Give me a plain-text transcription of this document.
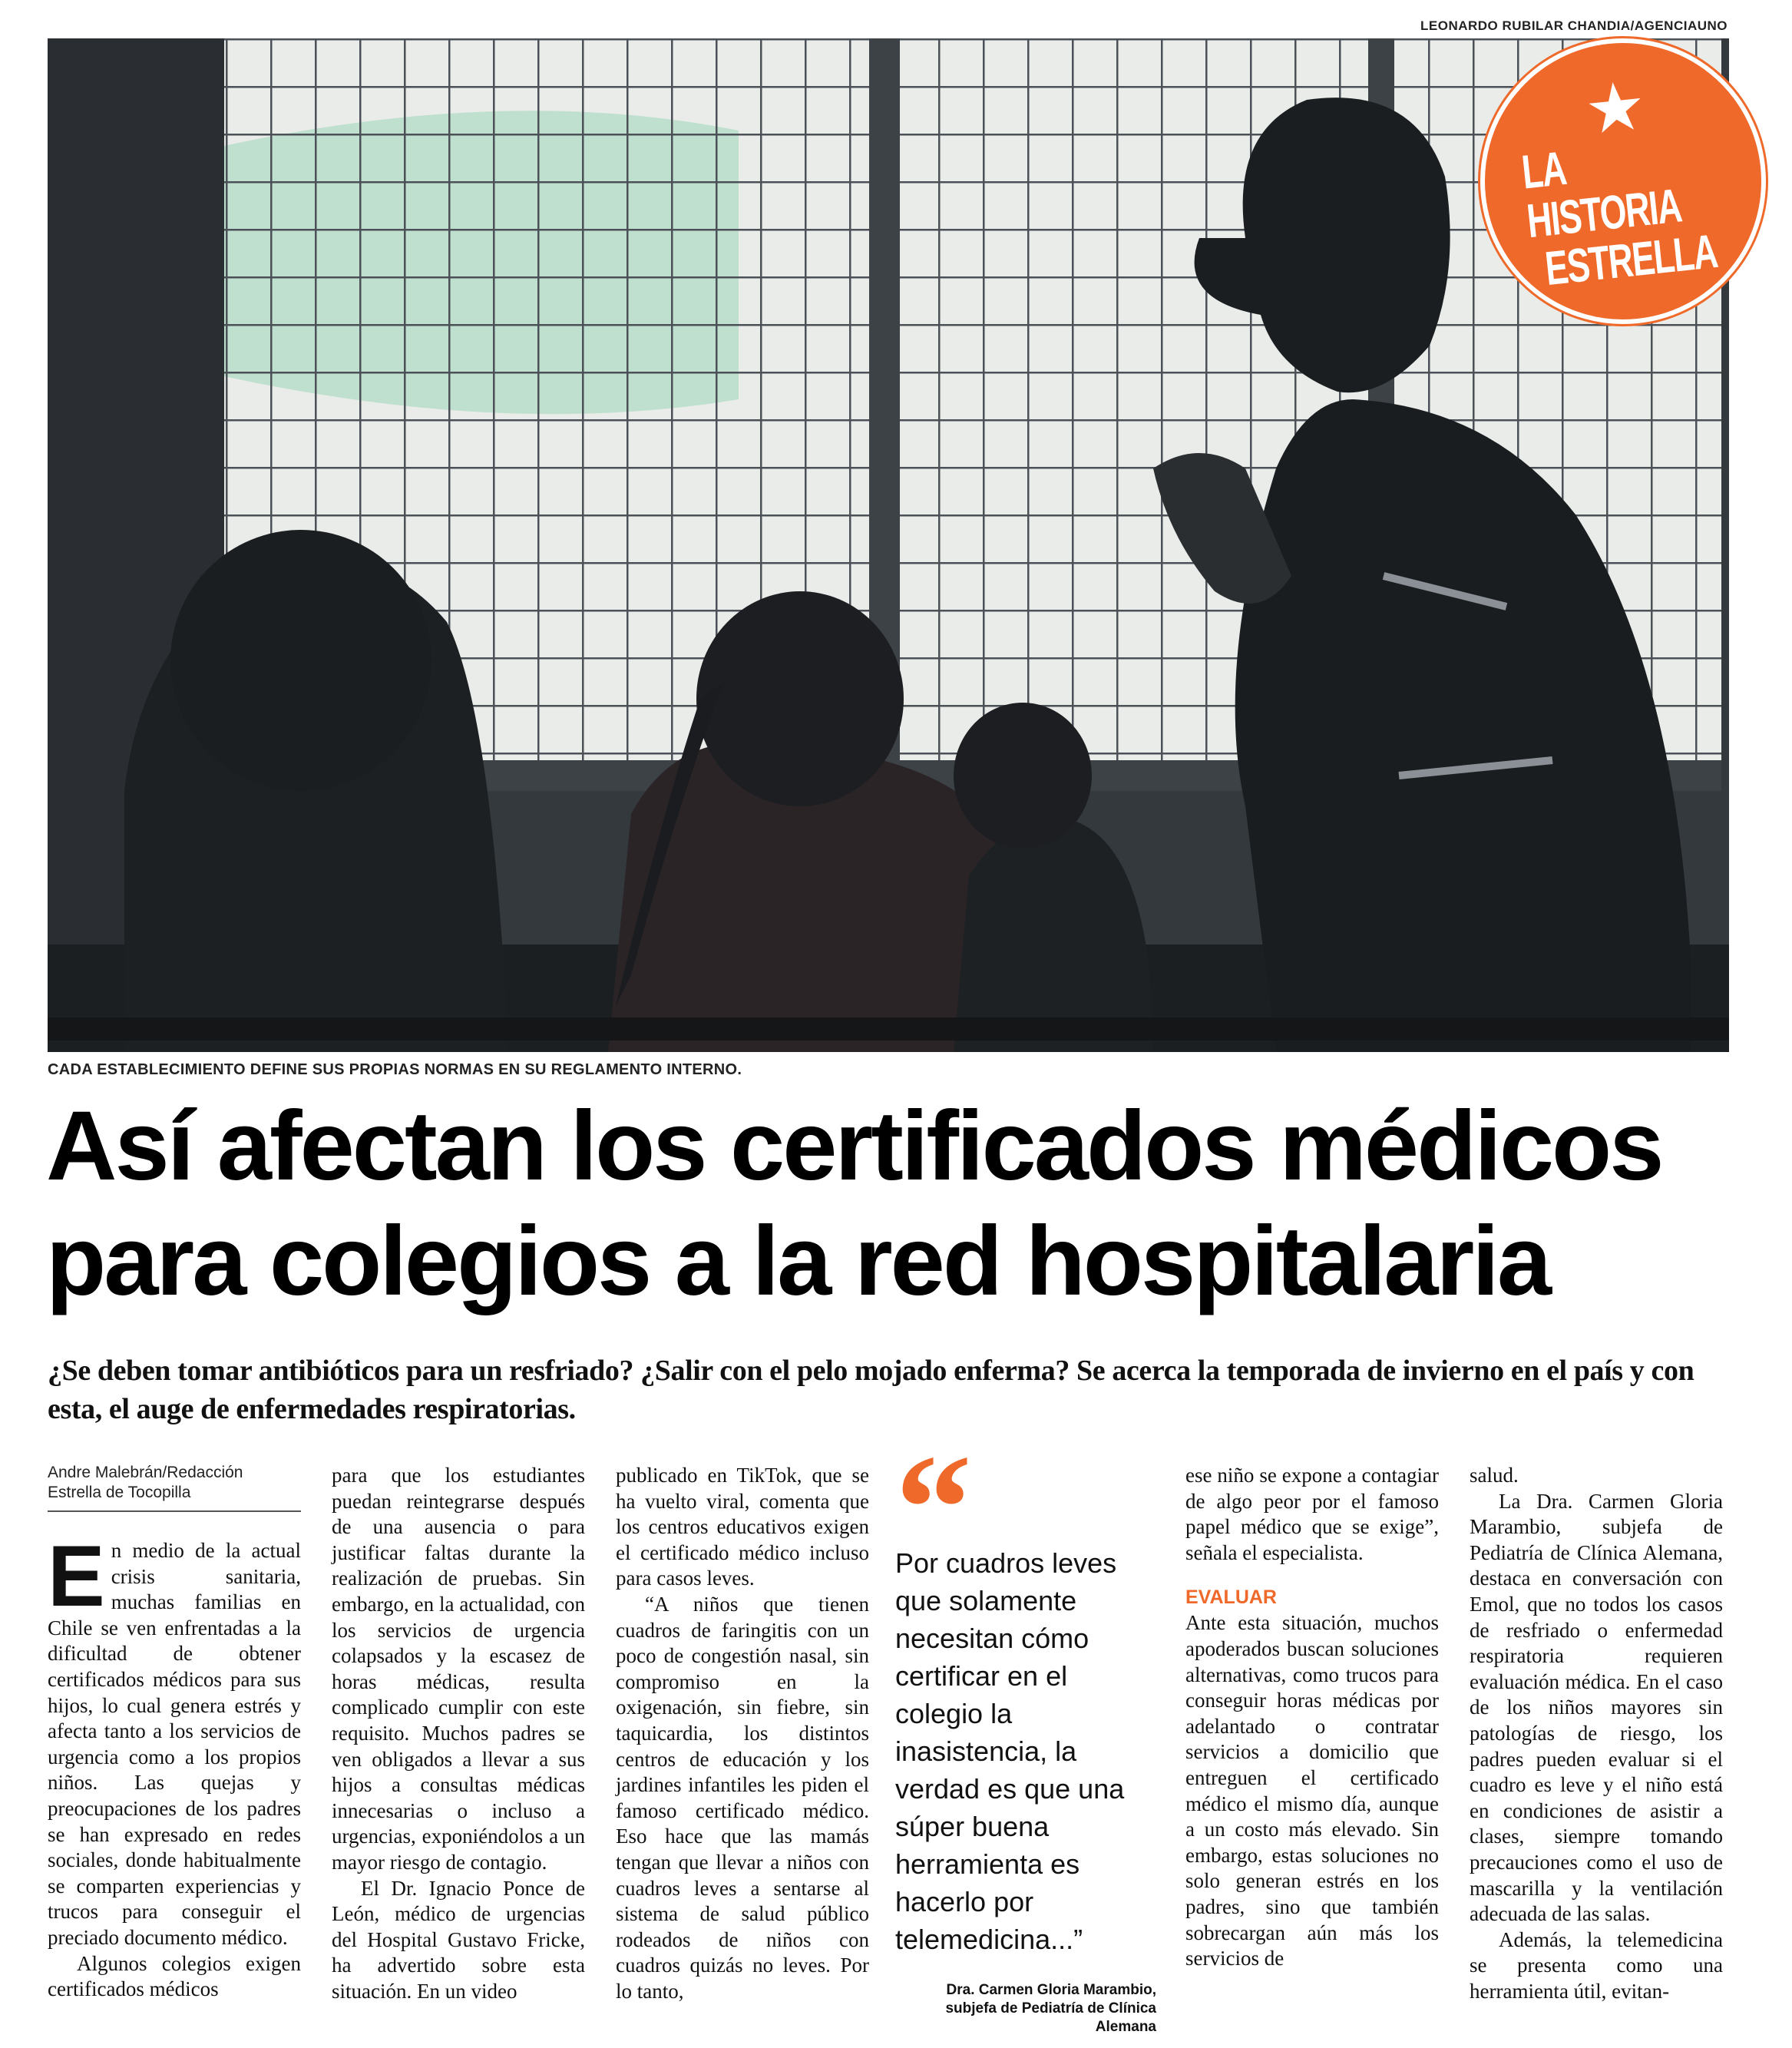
LEONARDO RUBILAR CHANDIA/AGENCIAUNO
★
LA HISTORIA
ESTRELLA
CADA ESTABLECIMIENTO DEFINE SUS PROPIAS NORMAS EN SU REGLAMENTO INTERNO.
Así afectan los certificados médicos
para colegios a la red hospitalaria
¿Se deben tomar antibióticos para un resfriado? ¿Salir con el pelo mojado enferma? Se acerca la temporada de invierno en el país y con esta, el auge de enfermedades respiratorias.
Andre Malebrán/Redacción
Estrella de Tocopilla

En medio de la actual crisis sanitaria, muchas familias en Chile se ven enfrentadas a la dificultad de obtener certificados médicos para sus hijos, lo cual genera estrés y afecta tanto a los servicios de urgencia como a los propios niños. Las quejas y preocupaciones de los padres se han expresado en redes sociales, donde habitualmente se comparten experiencias y trucos para conseguir el preciado documento médico.

Algunos colegios exigen certificados médicos

para que los estudiantes puedan reintegrarse después de una ausencia o para justificar faltas durante la realización de pruebas. Sin embargo, en la actualidad, con los servicios de urgencia colapsados y la escasez de horas médicas, resulta complicado cumplir con este requisito. Muchos padres se ven obligados a llevar a sus hijos a consultas médicas innecesarias o incluso a urgencias, exponiéndolos a un mayor riesgo de contagio.

El Dr. Ignacio Ponce de León, médico de urgencias del Hospital Gustavo Fricke, ha advertido sobre esta situación. En un video

publicado en TikTok, que se ha vuelto viral, comenta que los centros educativos exigen el certificado médico incluso para casos leves.

“A niños que tienen cuadros de faringitis con un poco de congestión nasal, sin compromiso en la oxigenación, sin fiebre, sin taquicardia, los distintos centros de educación y los jardines infantiles les piden el famoso certificado médico. Eso hace que las mamás tengan que llevar a niños con cuadros leves a sentarse al sistema de salud público rodeados de niños con cuadros quizás no leves. Por lo tanto,

“
Por cuadros leves que solamente necesitan cómo certificar en el colegio la inasistencia, la verdad es que una súper buena herramienta es hacerlo por telemedicina...”
Dra. Carmen Gloria Marambio, subjefa de Pediatría de Clínica Alemana

ese niño se expone a contagiar de algo peor por el famoso papel médico que se exige”, señala el especialista.

EVALUAR

Ante esta situación, muchos apoderados buscan soluciones alternativas, como trucos para conseguir horas médicas por adelantado o contratar servicios a domicilio que entreguen el certificado médico el mismo día, aunque a un costo más elevado. Sin embargo, estas soluciones no solo generan estrés en los padres, sino que también sobrecargan aún más los servicios de

salud.

La Dra. Carmen Gloria Marambio, subjefa de Pediatría de Clínica Alemana, destaca en conversación con Emol, que no todos los casos de resfriado o enfermedad respiratoria requieren evaluación médica. En el caso de los niños mayores sin patologías de riesgo, los padres pueden evaluar si el cuadro es leve y el niño está en condiciones de asistir a clases, siempre tomando precauciones como el uso de mascarilla y la ventilación adecuada de las salas.

Además, la telemedicina se presenta como una herramienta útil, evitan-
